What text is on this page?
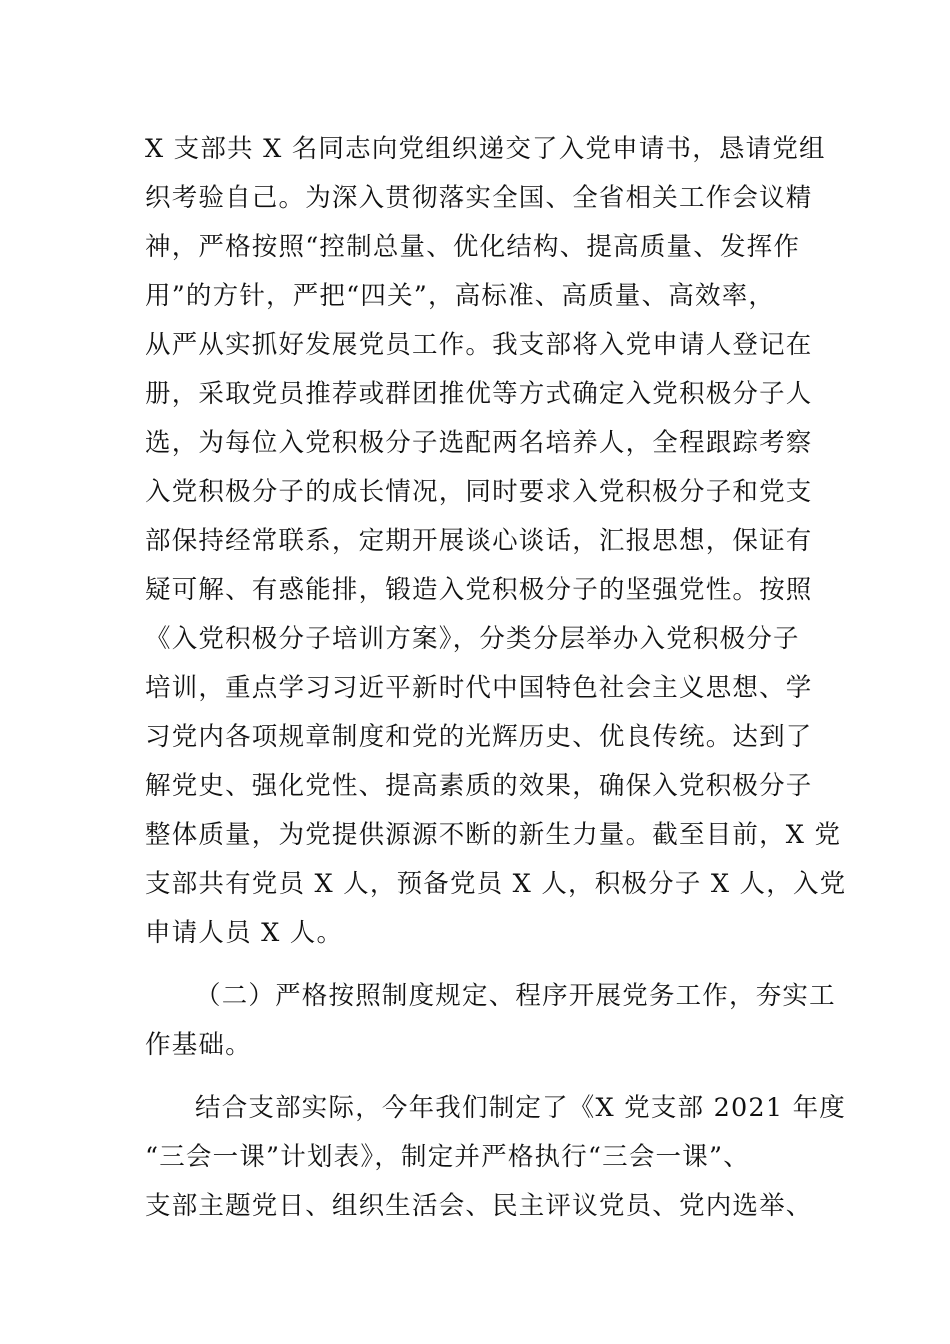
X 支部共 X 名同志向党组织递交了入党申请书，恳请党组
织考验自己。为深入贯彻落实全国、全省相关工作会议精
神，严格按照“控制总量、优化结构、提高质量、发挥作
用”的方针，严把“四关”，高标准、高质量、高效率，
从严从实抓好发展党员工作。我支部将入党申请人登记在
册，采取党员推荐或群团推优等方式确定入党积极分子人
选，为每位入党积极分子选配两名培养人，全程跟踪考察
入党积极分子的成长情况，同时要求入党积极分子和党支
部保持经常联系，定期开展谈心谈话，汇报思想，保证有
疑可解、有惑能排，锻造入党积极分子的坚强党性。按照
《入党积极分子培训方案》，分类分层举办入党积极分子
培训，重点学习习近平新时代中国特色社会主义思想、学
习党内各项规章制度和党的光辉历史、优良传统。达到了
解党史、强化党性、提高素质的效果，确保入党积极分子
整体质量，为党提供源源不断的新生力量。截至目前，X 党
支部共有党员 X 人，预备党员 X 人，积极分子 X 人，入党
申请人员 X 人。
（二）严格按照制度规定、程序开展党务工作，夯实工
作基础。
结合支部实际，今年我们制定了《X 党支部 2021 年度
“三会一课”计划表》，制定并严格执行“三会一课”、
支部主题党日、组织生活会、民主评议党员、党内选举、
